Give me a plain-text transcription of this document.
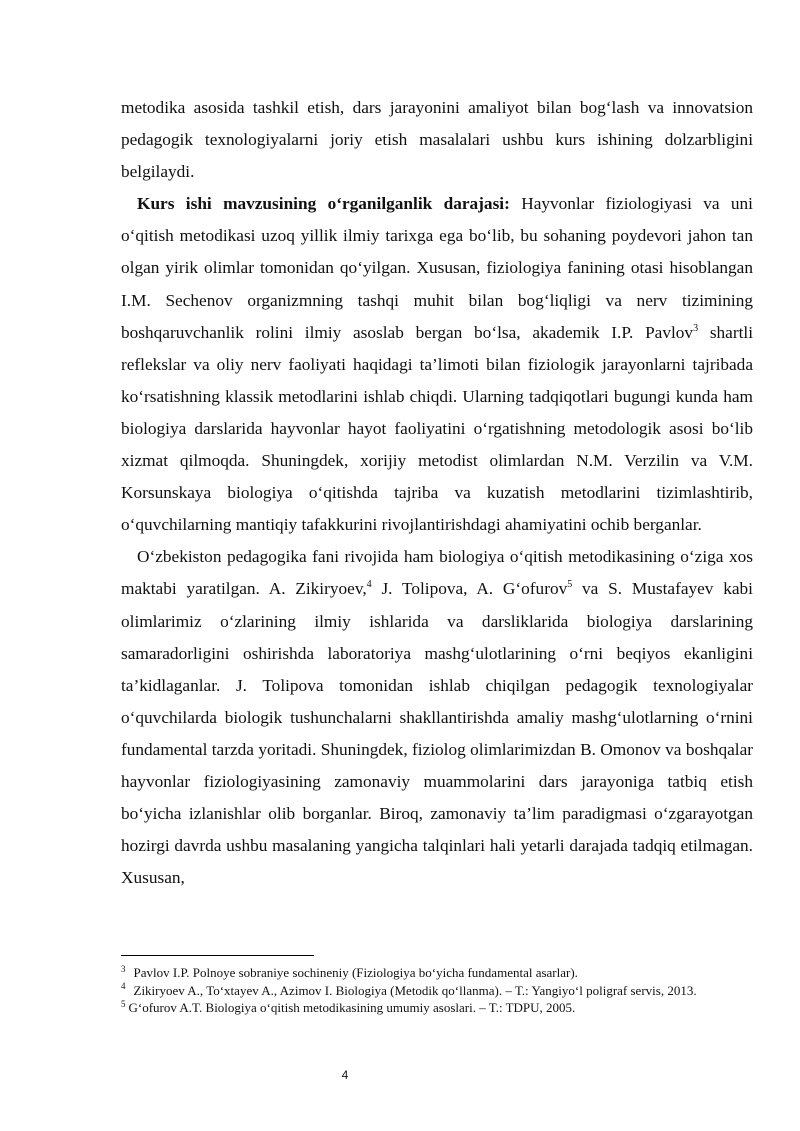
metodika asosida tashkil etish, dars jarayonini amaliyot bilan bog‘lash va innovatsion pedagogik texnologiyalarni joriy etish masalalari ushbu kurs ishining dolzarbligini belgilaydi.

Kurs ishi mavzusining o‘rganilganlik darajasi: Hayvonlar fiziologiyasi va uni o‘qitish metodikasi uzoq yillik ilmiy tarixga ega bo‘lib, bu sohaning poydevori jahon tan olgan yirik olimlar tomonidan qo‘yilgan. Xususan, fiziologiya fanining otasi hisoblangan I.M. Sechenov organizmning tashqi muhit bilan bog‘liqligi va nerv tizimining boshqaruvchanlik rolini ilmiy asoslab bergan bo‘lsa, akademik I.P. Pavlov$^3$ shartli reflekslar va oliy nerv faoliyati haqidagi ta’limoti bilan fiziologik jarayonlarni tajribada ko‘rsatishning klassik metodlarini ishlab chiqdi. Ularning tadqiqotlari bugungi kunda ham biologiya darslarida hayvonlar hayot faoliyatini o‘rgatishning metodologik asosi bo‘lib xizmat qilmoqda. Shuningdek, xorijiy metodist olimlardan N.M. Verzilin va V.M. Korsunskaya biologiya o‘qitishda tajriba va kuzatish metodlarini tizimlashtirib, o‘quvchilarning mantiqiy tafakkurini rivojlantirishdagi ahamiyatini ochib berganlar.

O‘zbekiston pedagogika fani rivojida ham biologiya o‘qitish metodikasining o‘ziga xos maktabi yaratilgan. A. Zikiryoev,$^4$ J. Tolipova, A. G‘ofurov$^5$ va S. Mustafayev kabi olimlarimiz o‘zlarining ilmiy ishlarida va darsliklarida biologiya darslarining samaradorligini oshirishda laboratoriya mashg‘ulotlarining o‘rni beqiyos ekanligini ta’kidlaganlar. J. Tolipova tomonidan ishlab chiqilgan pedagogik texnologiyalar o‘quvchilarda biologik tushunchalarni shakllantirishda amaliy mashg‘ulotlarning o‘rnini fundamental tarzda yoritadi. Shuningdek, fiziolog olimlarimizdan B. Omonov va boshqalar hayvonlar fiziologiyasining zamonaviy muammolarini dars jarayoniga tatbiq etish bo‘yicha izlanishlar olib borganlar. Biroq, zamonaviy ta’lim paradigmasi o‘zgarayotgan hozirgi davrda ushbu masalaning yangicha talqinlari hali yetarli darajada tadqiq etilmagan. Xususan,

$^3$ Pavlov I.P. Polnoye sobraniye sochineniy (Fiziologiya bo‘yicha fundamental asarlar).

$^4$ Zikiryoev A., To‘xtayev A., Azimov I. Biologiya (Metodik qo‘llanma). – T.: Yangiyo‘l poligraf servis, 2013.

$^5$ G‘ofurov A.T. Biologiya o‘qitish metodikasining umumiy asoslari. – T.: TDPU, 2005.

4
